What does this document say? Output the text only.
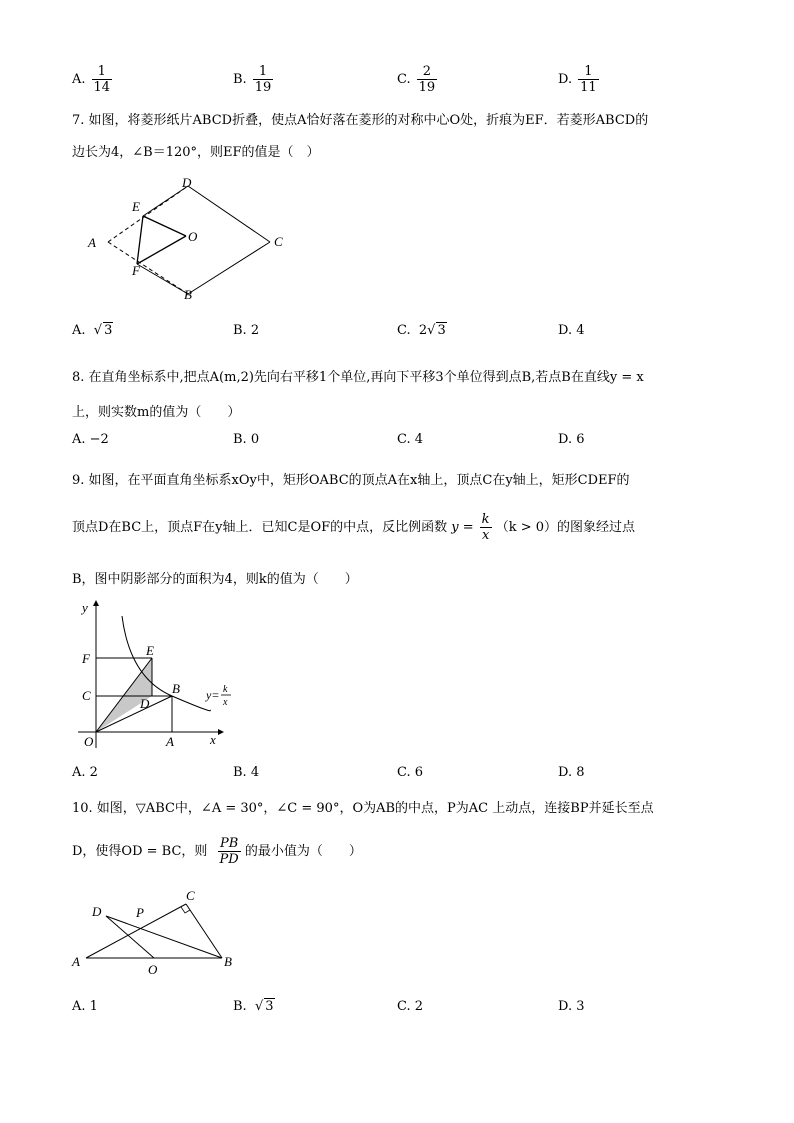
A. $\frac{1}{14}$	B. $\frac{1}{19}$	C. $\frac{2}{19}$	D. $\frac{1}{11}$
7. 如图，将菱形纸片ABCD折叠，使点A恰好落在菱形的对称中心O处，折痕为EF．若菱形ABCD的
边长为4，∠B＝120°，则EF的值是（　）
D
E
A	O	C
F
B
A.  √ 3	B. 2	C. 2√ 3	D. 4
8. 在直角坐标系中,把点A(m,2)先向右平移1个单位,再向下平移3个单位得到点B,若点B在直线y = x
上，则实数m的值为（　　）
A. −2	B. 0	C. 4	D. 6
9. 如图，在平面直角坐标系xOy中，矩形OABC的顶点A在x轴上，顶点C在y轴上，矩形CDEF的
顶点D在BC上，顶点F在y轴上．已知C是OF的中点，反比例函数 $y = \frac{k}{x} (k > 0)$的图象经过点
B，图中阴影部分的面积为4，则k的值为（　　）
y
F
E
C
D
B
O	A	x
y= k
x
A. 2	B. 4	C. 6	D. 8
10. 如图，▽ABC中，∠A = 30°，∠C = 90°，O为AB的中点，P为AC 上动点，连接BP并延长至点
D，使得OD = BC，则 $\frac{PB}{PD}$ 的最小值为（　　）
A	B
C
D	P
O
A. 1	B.  √ 3	C. 2	D. 3
